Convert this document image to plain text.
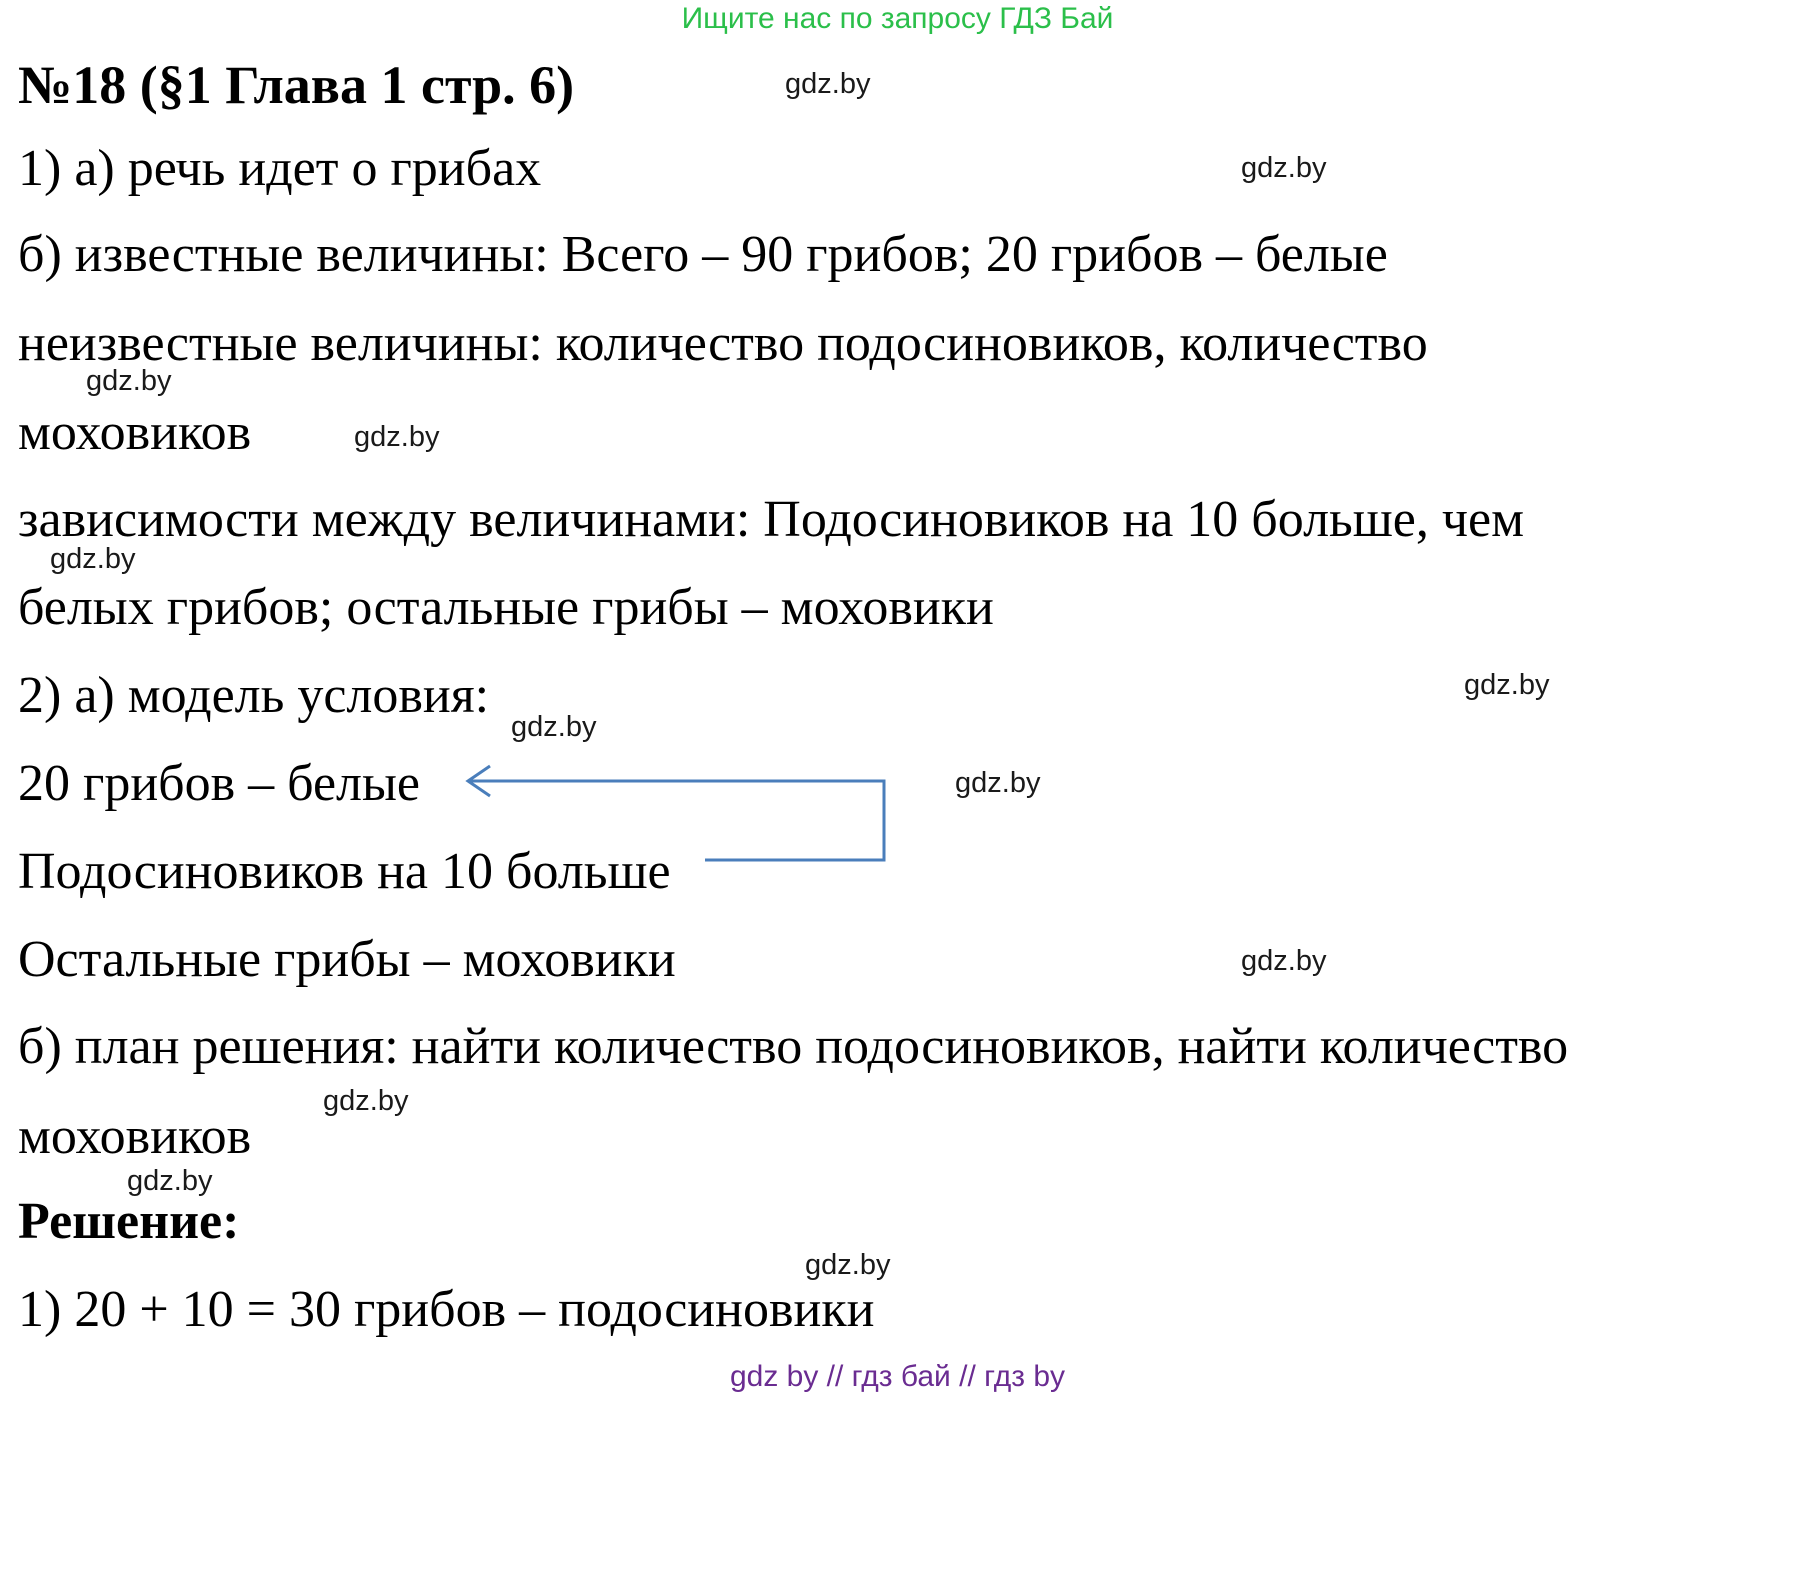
Ищите нас по запросу ГДЗ Бай
№18 (§1 Глава 1 стр. 6)
1) а) речь идет о грибах
б) известные величины: Всего – 90 грибов; 20 грибов – белые
неизвестные величины: количество подосиновиков, количество
моховиков
зависимости между величинами: Подосиновиков на 10 больше, чем
белых грибов; остальные грибы – моховики
2) а) модель условия:
20 грибов – белые
Подосиновиков на 10 больше
Остальные грибы – моховики
б) план решения: найти количество подосиновиков, найти количество
моховиков
Решение:
1) 20 + 10 = 30 грибов – подосиновики
gdz.by
gdz.by
gdz.by
gdz.by
gdz.by
gdz.by
gdz.by
gdz.by
gdz.by
gdz.by
gdz.by
gdz.by
gdz by // гдз бай // гдз by
